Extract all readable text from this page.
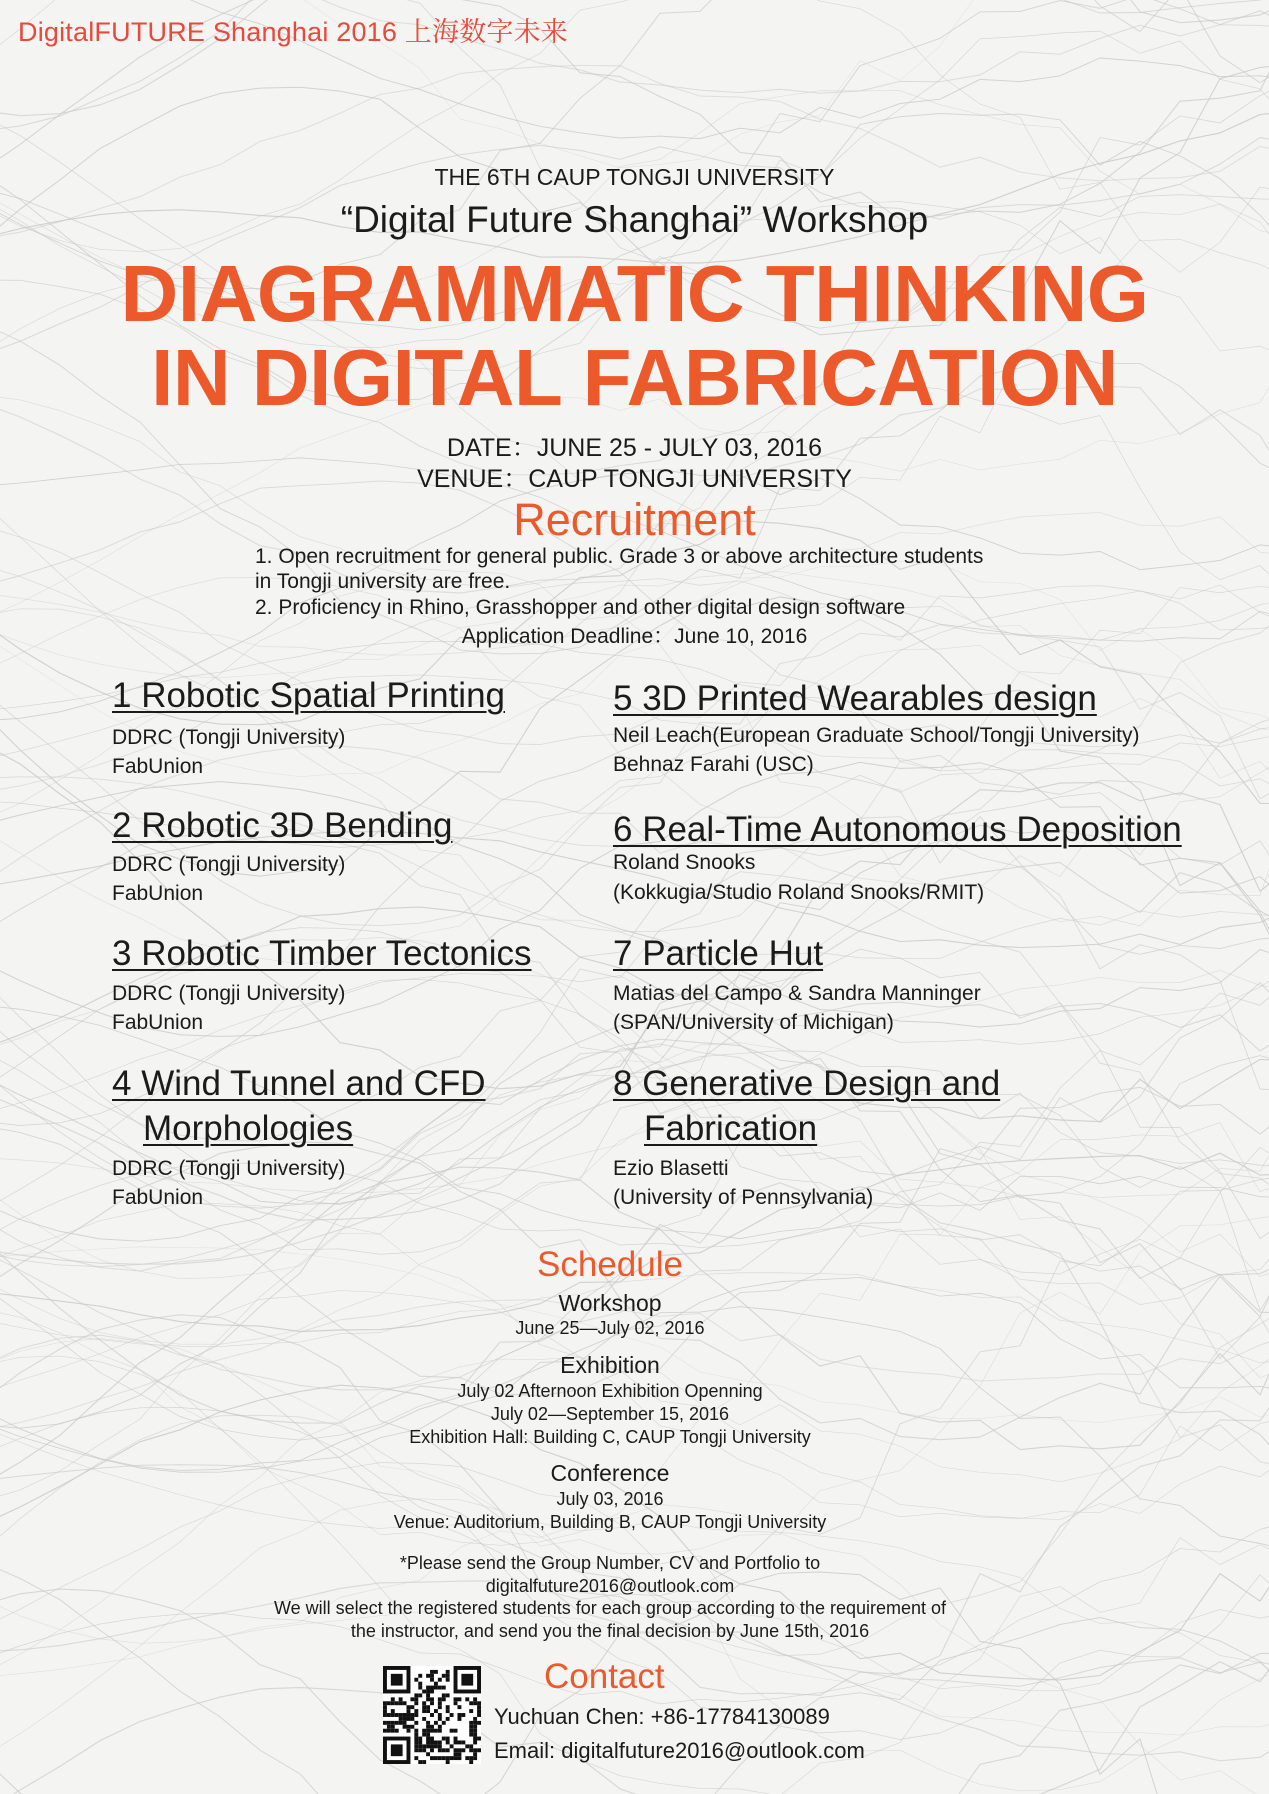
DigitalFUTURE Shanghai 2016 上海数字未来
THE 6TH CAUP TONGJI UNIVERSITY
“Digital Future Shanghai” Workshop
DIAGRAMMATIC THINKING
IN DIGITAL FABRICATION
DATE：JUNE 25 - JULY 03, 2016
VENUE：CAUP TONGJI UNIVERSITY
Recruitment
1. Open recruitment for general public. Grade 3 or above architecture students
in Tongji university are free.
2. Proficiency in Rhino, Grasshopper and other digital design software
Application Deadline：June 10, 2016
1 Robotic Spatial Printing
DDRC (Tongji University)
FabUnion
2 Robotic 3D Bending
DDRC (Tongji University)
FabUnion
3 Robotic Timber Tectonics
DDRC (Tongji University)
FabUnion
4 Wind Tunnel and CFD
Morphologies
DDRC (Tongji University)
FabUnion
5 3D Printed Wearables design
Neil Leach(European Graduate School/Tongji University)
Behnaz Farahi (USC)
6 Real-Time Autonomous Deposition
Roland Snooks
(Kokkugia/Studio Roland Snooks/RMIT)
7 Particle Hut
Matias del Campo & Sandra Manninger
(SPAN/University of Michigan)
8 Generative Design and
Fabrication
Ezio Blasetti
(University of Pennsylvania)
Schedule
Workshop
June 25—July 02, 2016
Exhibition
July 02 Afternoon Exhibition Openning
July 02—September 15, 2016
Exhibition Hall: Building C, CAUP Tongji University
Conference
July 03, 2016
Venue: Auditorium, Building B, CAUP Tongji University
*Please send the Group Number, CV and Portfolio to
digitalfuture2016@outlook.com
We will select the registered students for each group according to the requirement of
the instructor, and send you the final decision by June 15th, 2016
Contact
Yuchuan Chen: +86-17784130089
Email: digitalfuture2016@outlook.com
